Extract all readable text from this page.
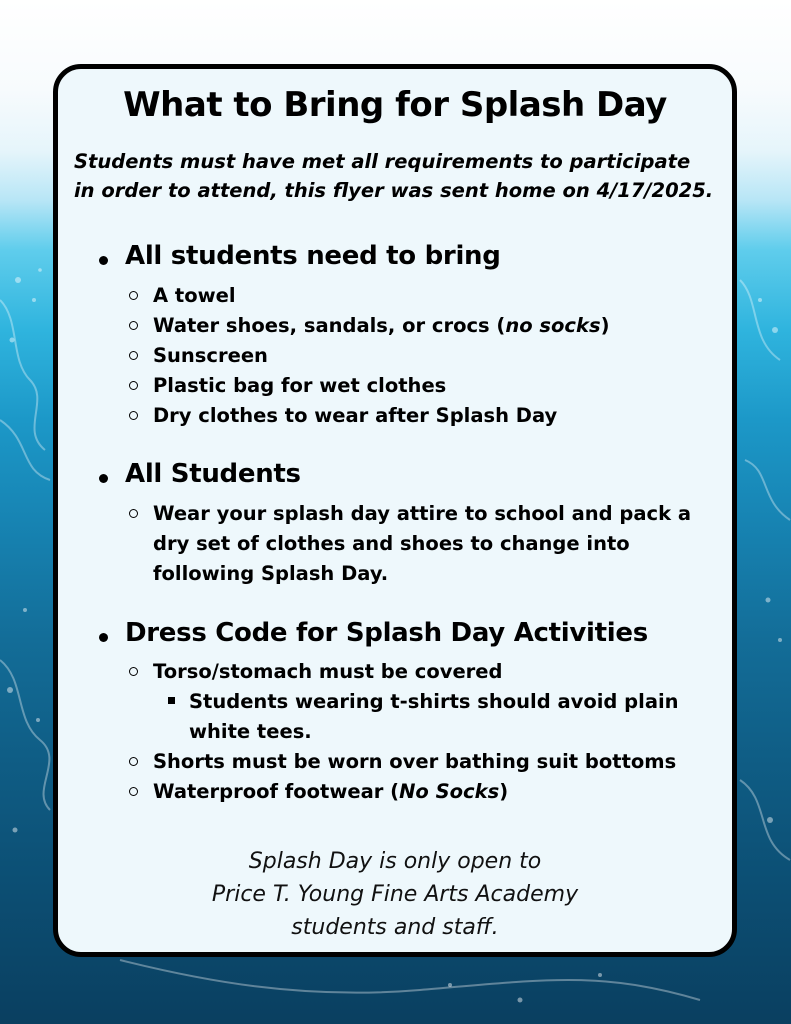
What to Bring for Splash Day
Students must have met all requirements to participate
in order to attend, this flyer was sent home on 4/17/2025.
All students need to bring
A towel
Water shoes, sandals, or crocs (no socks)
Sunscreen
Plastic bag for wet clothes
Dry clothes to wear after Splash Day
All Students
Wear your splash day attire to school and pack a
dry set of clothes and shoes to change into
following Splash Day.
Dress Code for Splash Day Activities
Torso/stomach must be covered
Students wearing t-shirts should avoid plain
white tees.
Shorts must be worn over bathing suit bottoms
Waterproof footwear (No Socks)
Splash Day is only open to
Price T. Young Fine Arts Academy
students and staff.
